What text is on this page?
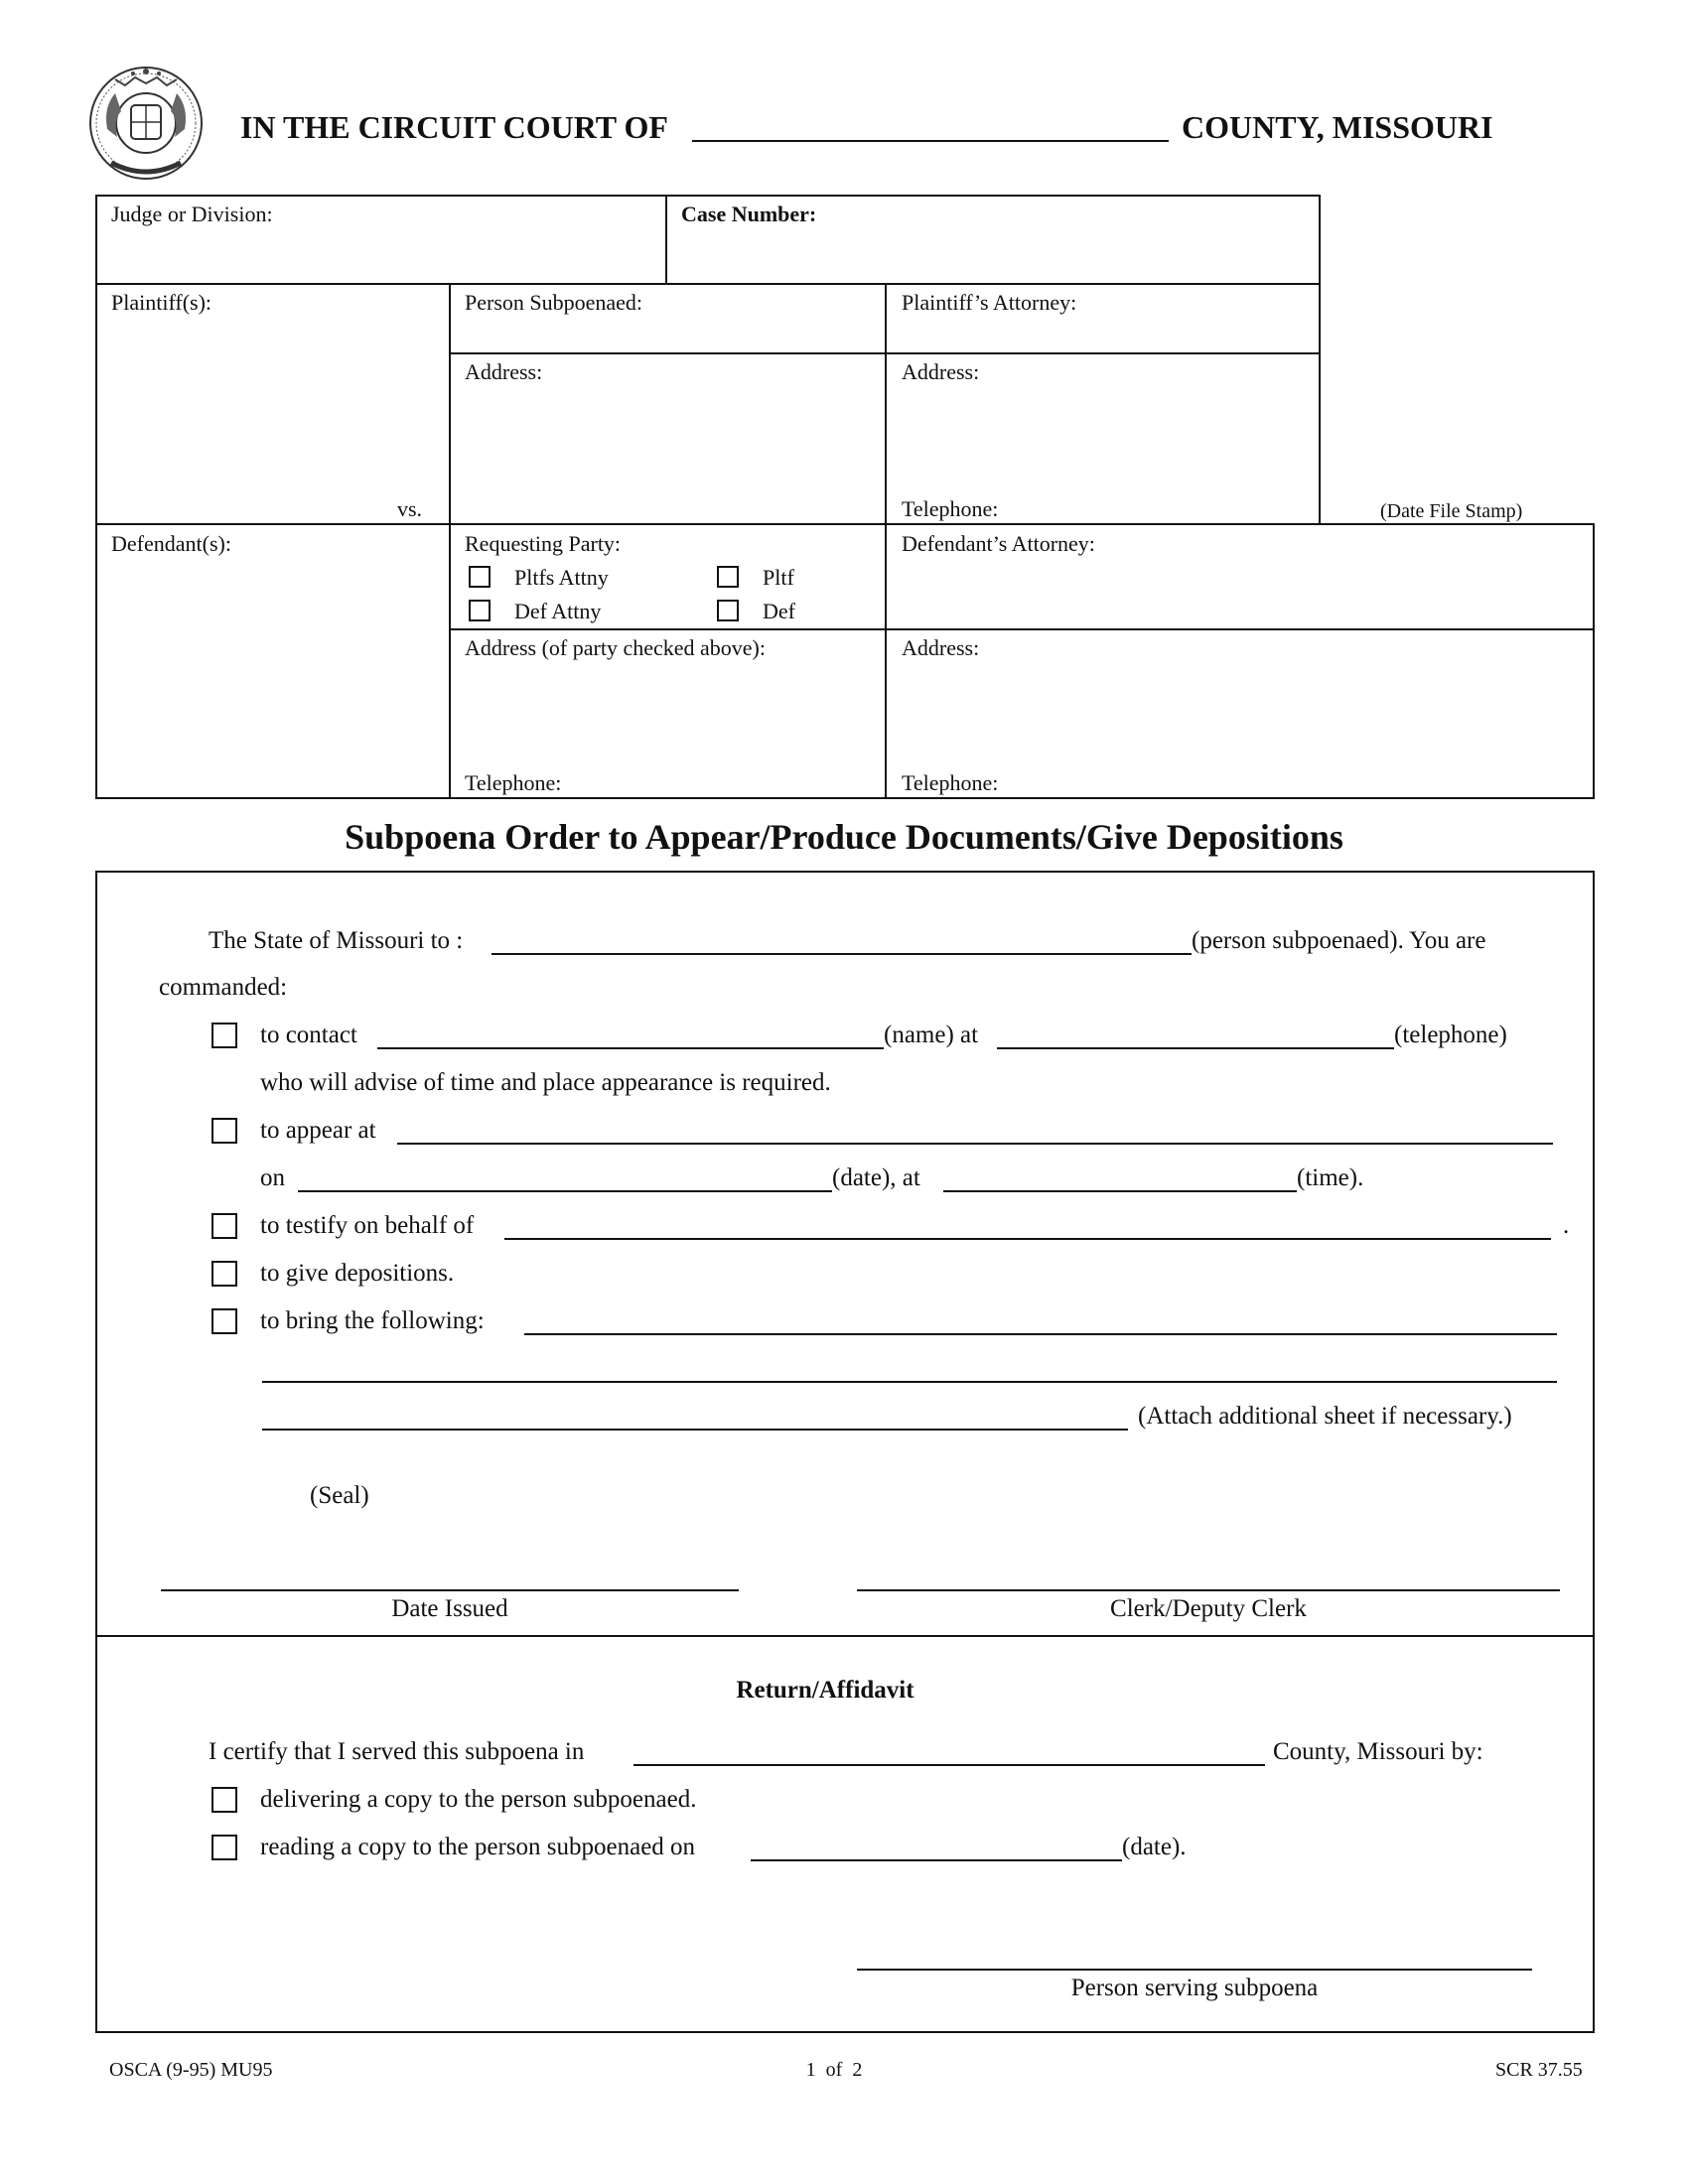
IN THE CIRCUIT COURT OF	COUNTY, MISSOURI
Judge or Division:	Case Number:
Plaintiff(s):
vs.
Person Subpoenaed:
Address:
Plaintiff’s Attorney:
Address:
Telephone:	(Date File Stamp)
Defendant(s):	Requesting Party:
Pltfs Attny	Pltf
Def Attny	Def
Address (of party checked above):
Telephone:
Defendant’s Attorney:
Address:
Telephone:
Subpoena Order to Appear/Produce Documents/Give Depositions
The State of Missouri to :	(person subpoenaed). You are
commanded:
to contact	(name) at	(telephone)
who will advise of time and place appearance is required.
to appear at
on	(date), at	(time).
to testify on behalf of	.
to give depositions.
to bring the following:
(Attach additional sheet if necessary.)
(Seal)
Date Issued	Clerk/Deputy Clerk
Return/Affidavit
I certify that I served this subpoena in	County, Missouri by:
delivering a copy to the person subpoenaed.
reading a copy to the person subpoenaed on	(date).
Person serving subpoena
OSCA (9-95) MU95	1  of  2	SCR 37.55
